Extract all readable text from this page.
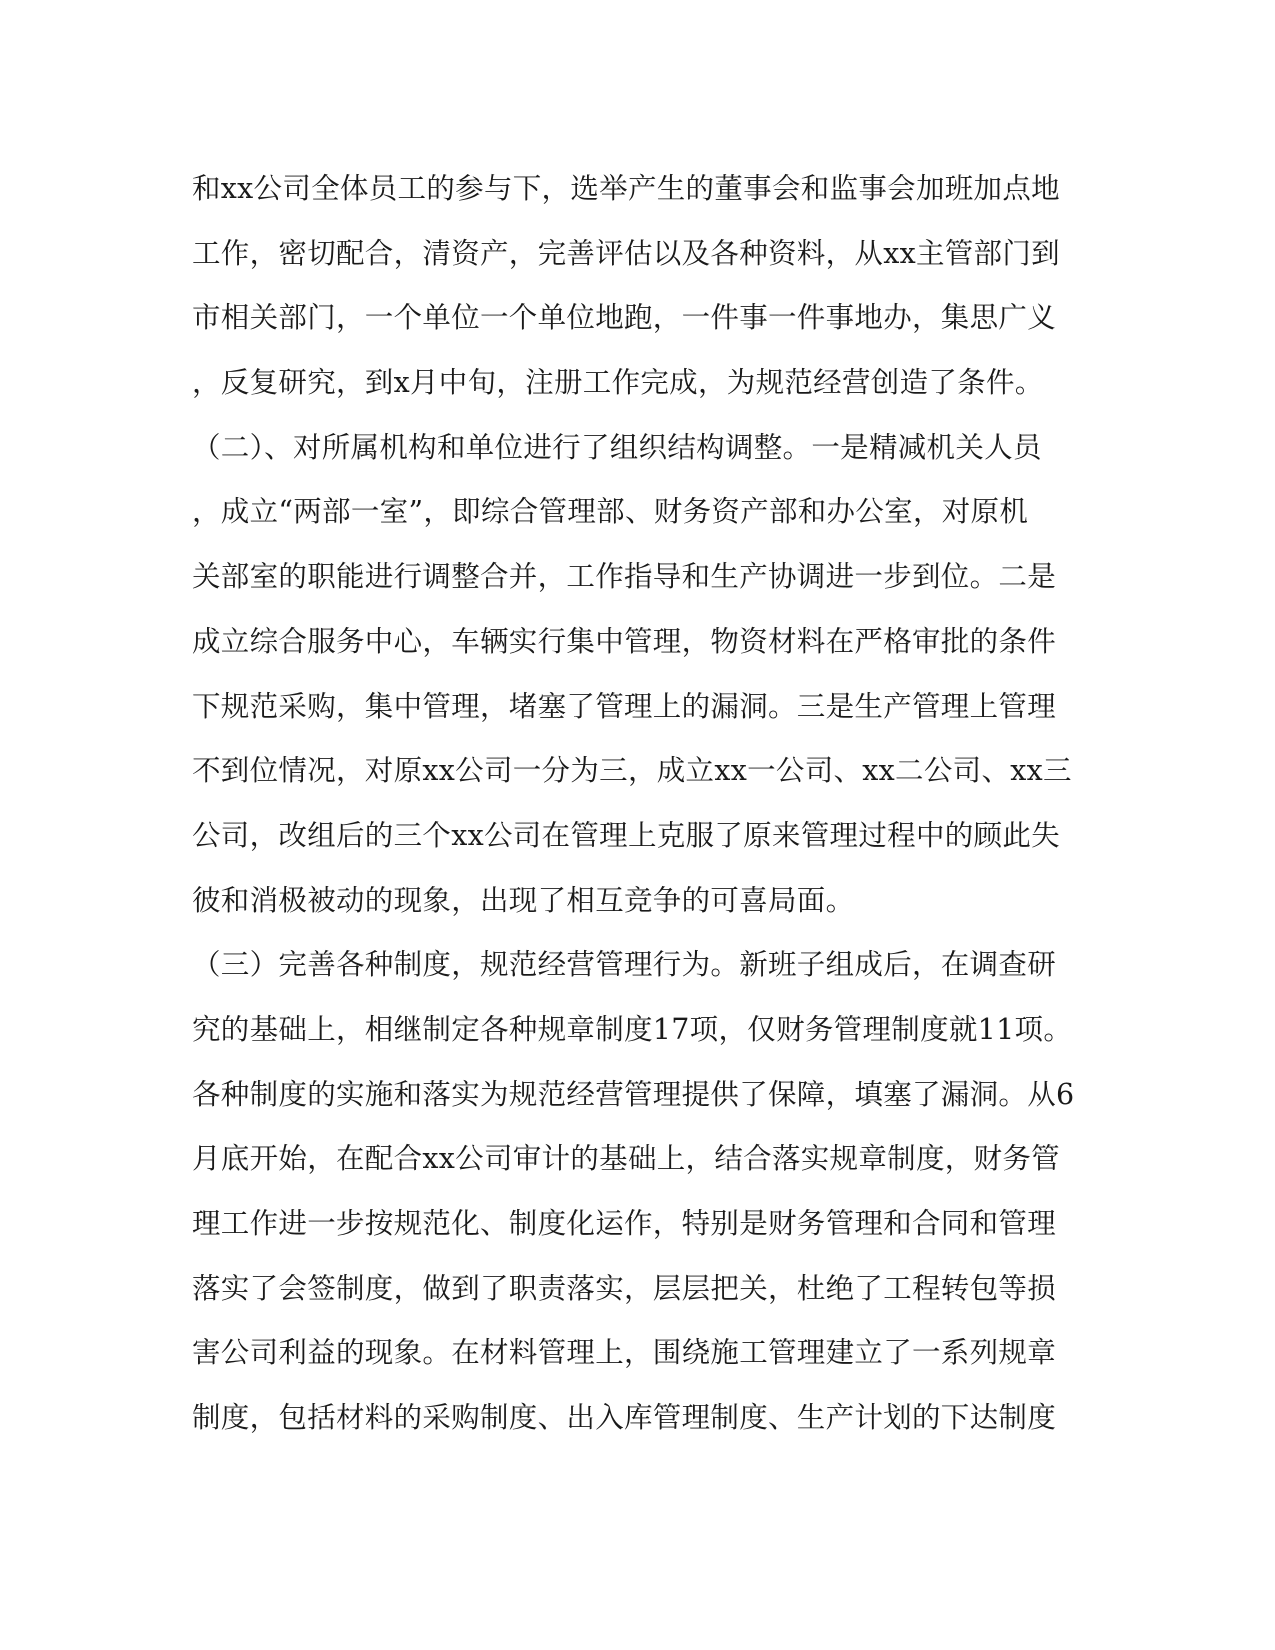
和xx公司全体员工的参与下，选举产生的董事会和监事会加班加点地
工作，密切配合，清资产，完善评估以及各种资料，从xx主管部门到
市相关部门，一个单位一个单位地跑，一件事一件事地办，集思广义
，反复研究，到x月中旬，注册工作完成，为规范经营创造了条件。
（二）、对所属机构和单位进行了组织结构调整。一是精减机关人员
，成立“两部一室”，即综合管理部、财务资产部和办公室，对原机
关部室的职能进行调整合并，工作指导和生产协调进一步到位。二是
成立综合服务中心，车辆实行集中管理，物资材料在严格审批的条件
下规范采购，集中管理，堵塞了管理上的漏洞。三是生产管理上管理
不到位情况，对原xx公司一分为三，成立xx一公司、xx二公司、xx三
公司，改组后的三个xx公司在管理上克服了原来管理过程中的顾此失
彼和消极被动的现象，出现了相互竞争的可喜局面。
（三）完善各种制度，规范经营管理行为。新班子组成后，在调查研
究的基础上，相继制定各种规章制度17项，仅财务管理制度就11项。
各种制度的实施和落实为规范经营管理提供了保障，填塞了漏洞。从6
月底开始，在配合xx公司审计的基础上，结合落实规章制度，财务管
理工作进一步按规范化、制度化运作，特别是财务管理和合同和管理
落实了会签制度，做到了职责落实，层层把关，杜绝了工程转包等损
害公司利益的现象。在材料管理上，围绕施工管理建立了一系列规章
制度，包括材料的采购制度、出入库管理制度、生产计划的下达制度
